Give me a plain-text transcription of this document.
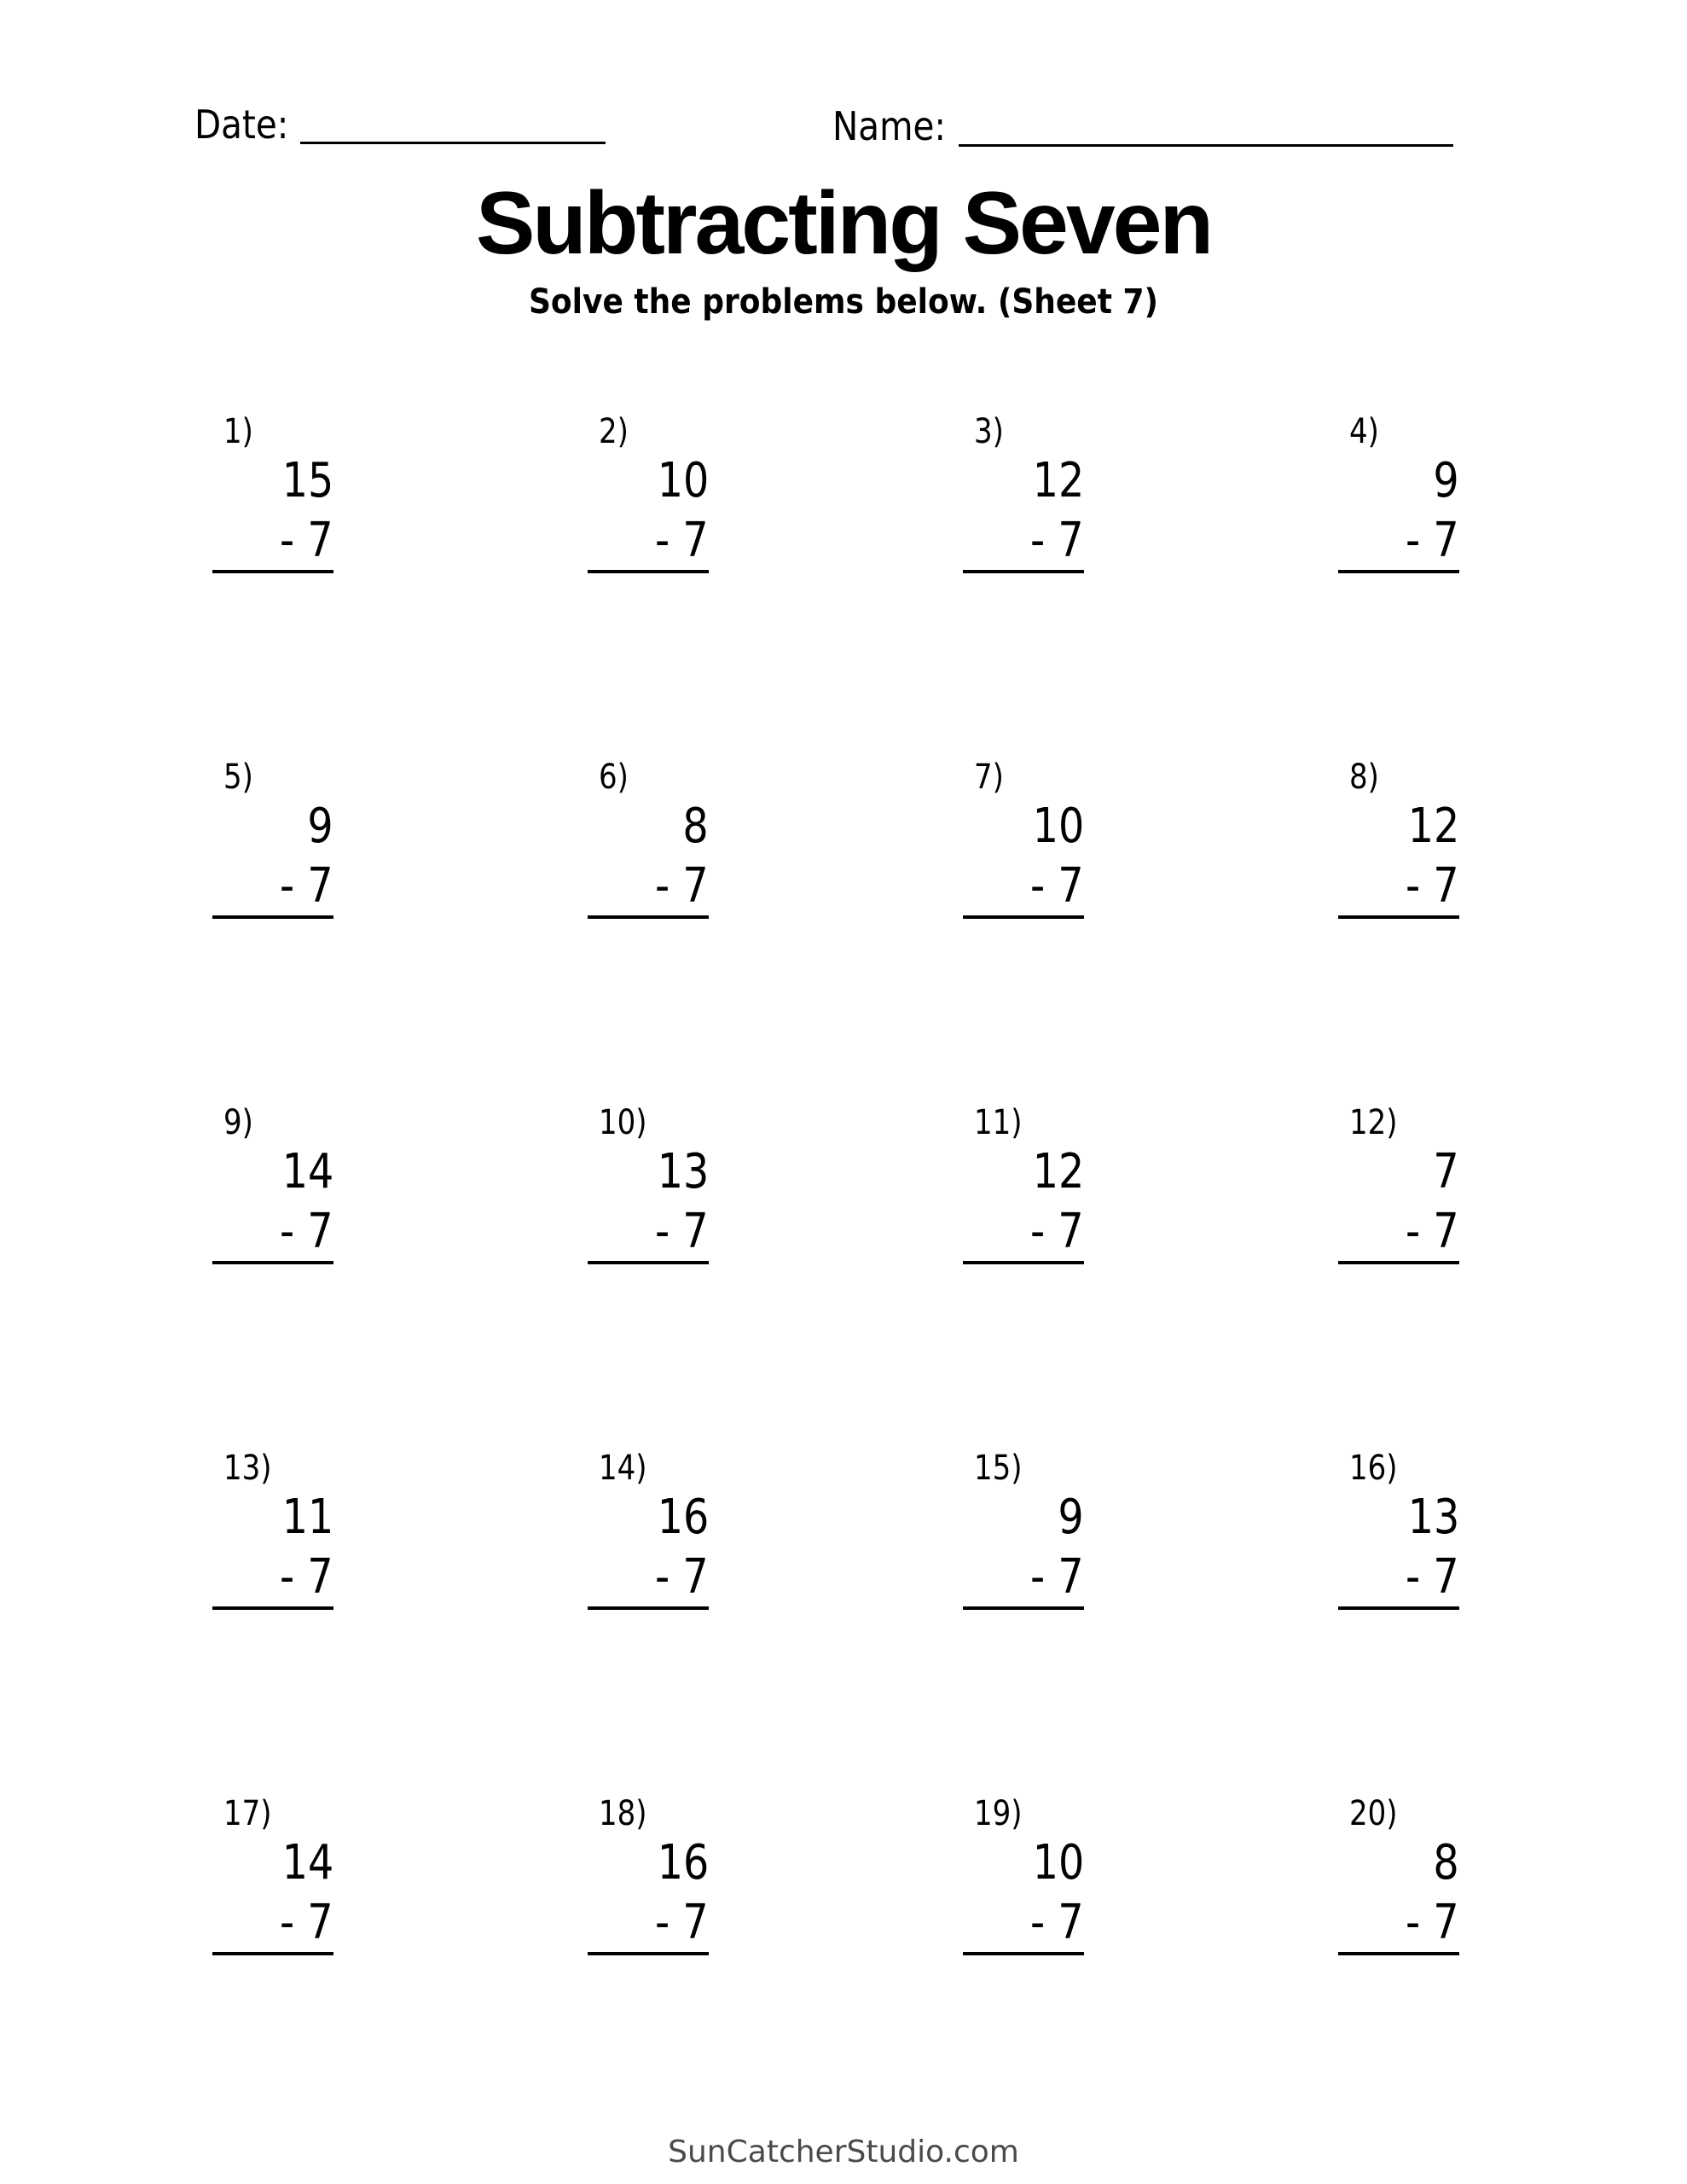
Date:	Name:
Subtracting Seven
Solve the problems below. (Sheet 7)
1)
15
- 7
2)
10
- 7
3)
12
- 7
4)
9
- 7
5)
9
- 7
6)
8
- 7
7)
10
- 7
8)
12
- 7
9)
14
- 7
10)
13
- 7
11)
12
- 7
12)
7
- 7
13)
11
- 7
14)
16
- 7
15)
9
- 7
16)
13
- 7
17)
14
- 7
18)
16
- 7
19)
10
- 7
20)
8
- 7
SunCatcherStudio.com
